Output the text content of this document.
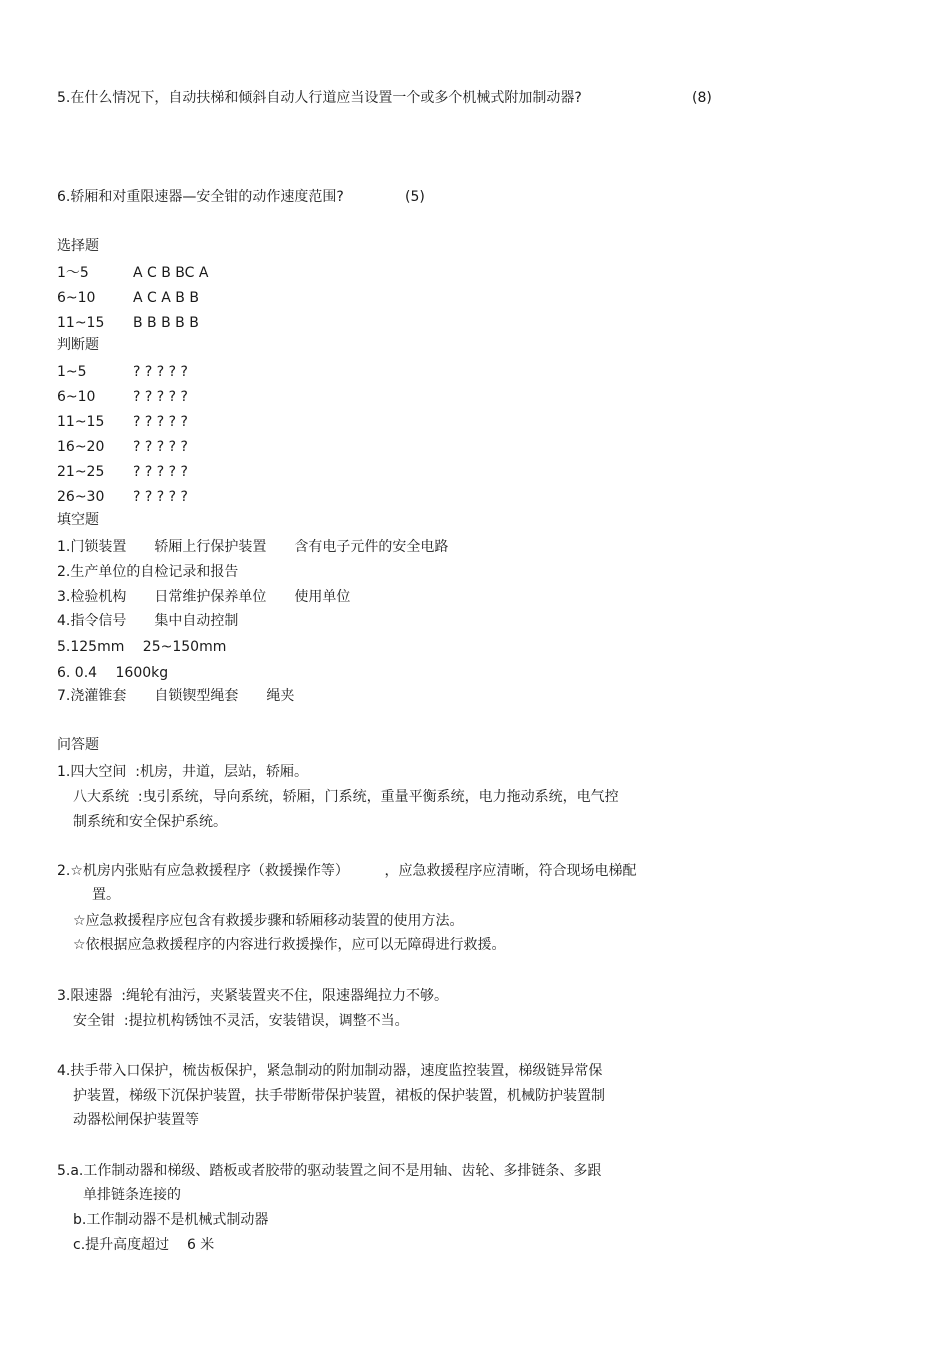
5.在什么情况下，自动扶梯和倾斜自动人行道应当设置一个或多个机械式附加制动器?	(8)
6.轿厢和对重限速器—安全钳的动作速度范围?	(5)
选择题
1～5	A C B BC A
6~10	A C A B B
11~15 B B B B B
判断题
1~5	? ? ? ? ?
6~10	? ? ? ? ?
11~15 ? ? ? ? ?
16~20 ? ? ? ? ?
21~25 ? ? ? ? ?
26~30 ? ? ? ? ?
填空题
1.门锁装置　　轿厢上行保护装置　　含有电子元件的安全电路
2.生产单位的自检记录和报告
3.检验机构　　日常维护保养单位　　使用单位
4.指令信号　　集中自动控制
5.125mm　 25~150mm
6. 0.4　 1600kg
7.浇灌锥套　　自锁锲型绳套　　绳夹
问答题
1.四大空间  :机房，井道，层站，轿厢。
八大系统  :曳引系统，导向系统，轿厢，门系统，重量平衡系统，电力拖动系统，电气控
制系统和安全保护系统。
2.☆机房内张贴有应急救援程序（救援操作等）        ，应急救援程序应清晰，符合现场电梯配
置。
☆应急救援程序应包含有救援步骤和轿厢移动装置的使用方法。
☆依根据应急救援程序的内容进行救援操作，应可以无障碍进行救援。
3.限速器  :绳轮有油污，夹紧装置夹不住，限速器绳拉力不够。
安全钳  :提拉机构锈蚀不灵活，安装错误，调整不当。
4.扶手带入口保护，梳齿板保护，紧急制动的附加制动器，速度监控装置，梯级链异常保
护装置，梯级下沉保护装置，扶手带断带保护装置，裙板的保护装置，机械防护装置制
动器松闸保护装置等
5.a.工作制动器和梯级、踏板或者胶带的驱动装置之间不是用轴、齿轮、多排链条、多跟
单排链条连接的
b.工作制动器不是机械式制动器
c.提升高度超过    6 米
